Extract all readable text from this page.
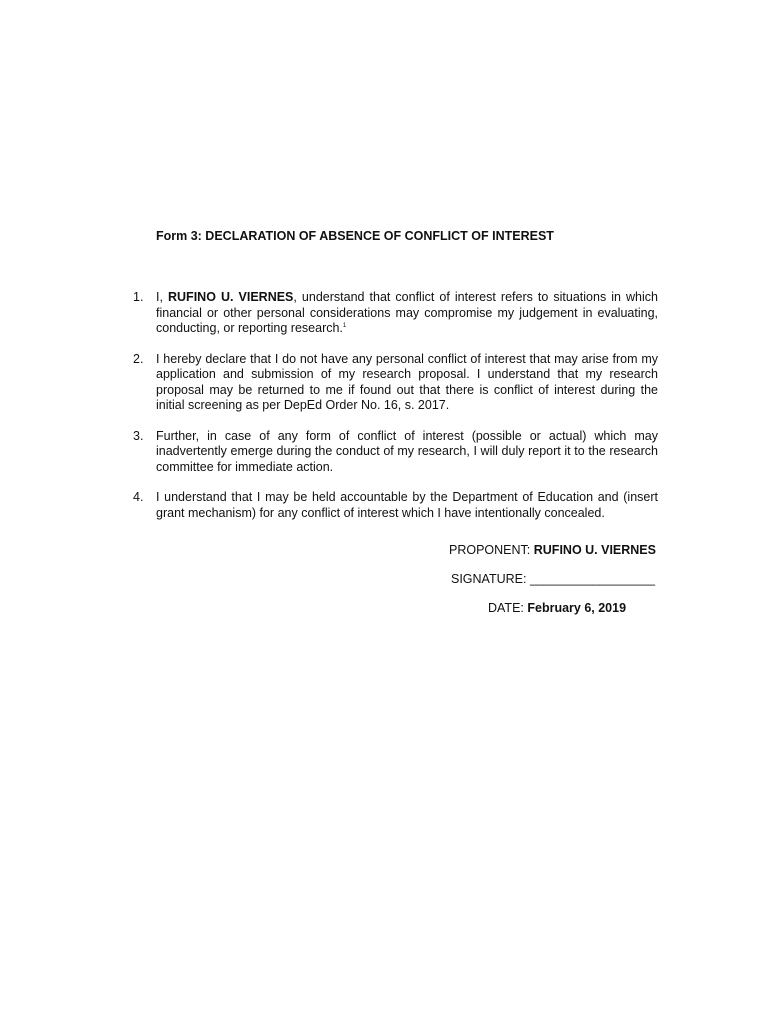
Form 3: DECLARATION OF ABSENCE OF CONFLICT OF INTEREST
1.	I, RUFINO U. VIERNES, understand that conflict of interest refers to situations in which financial or other personal considerations may compromise my judgement in evaluating, conducting, or reporting research.$^1$
2.	I hereby declare that I do not have any personal conflict of interest that may arise from my application and submission of my research proposal. I understand that my research proposal may be returned to me if found out that there is conflict of interest during the initial screening as per DepEd Order No. 16, s. 2017.
3.	Further, in case of any form of conflict of interest (possible or actual) which may inadvertently emerge during the conduct of my research, I will duly report it to the research committee for immediate action.
4.	I understand that I may be held accountable by the Department of Education and (insert grant mechanism) for any conflict of interest which I have intentionally concealed.
PROPONENT: RUFINO U. VIERNES
SIGNATURE: __________________
DATE: February 6, 2019
